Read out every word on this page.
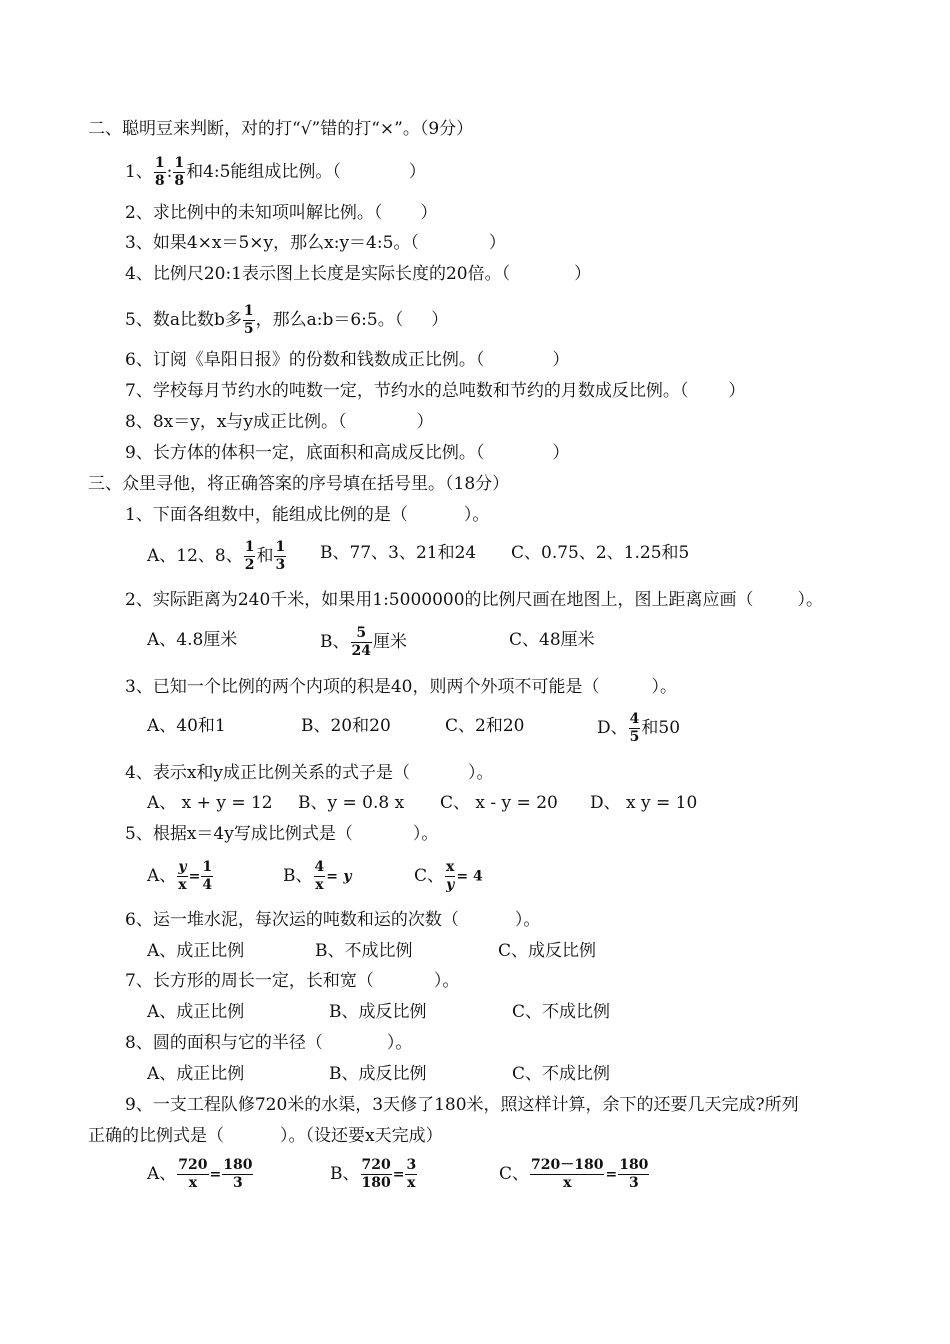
二、聪明豆来判断，对的打“√”错的打“×”。（9分）
1、 $\frac{1}{8}$ : $\frac{1}{8}$ 和4:5能组成比例。（	）
2、求比例中的未知项叫解比例。（ ）
3、如果4×x＝5×y，那么x:y＝4:5。（	）
4、比例尺20:1表示图上长度是实际长度的20倍。（	）
5、数a比数b多 $\frac{1}{5}$ ，那么a:b＝6:5。（ ）
6、订阅《阜阳日报》的份数和钱数成正比例。（	）
7、学校每月节约水的吨数一定，节约水的总吨数和节约的月数成反比例。（ ）
8、8x＝y，x与y成正比例。（	）
9、长方体的体积一定，底面积和高成反比例。（	）
三、众里寻他，将正确答案的序号填在括号里。（18分）
1、下面各组数中，能组成比例的是（	）。
A、12、8、 $\frac{1}{2}$ 和 $\frac{1}{3}$ B、77、3、21和24 C、0.75、2、1.25和5
2、实际距离为240千米，如果用1:5000000的比例尺画在地图上，图上距离应画（	）。
A、4.8厘米	B、 $\frac{5}{24}$ 厘米	C、48厘米
3、已知一个比例的两个内项的积是40，则两个外项不可能是（	）。
A、40和1	B、20和20	C、2和20	D、 $\frac{4}{5}$ 和50
4、表示x和y成正比例关系的式子是（	）。
A、 x + y = 12 B、y = 0.8 x C、 x - y = 20 D、 x y = 10
5、根据x＝4y写成比例式是（	）。
A、 $\frac{y}{x} = \frac{1}{4}$	B、 $\frac{4}{x} = y$	C、 $\frac{x}{y} = 4$
6、运一堆水泥，每次运的吨数和运的次数（	）。
A、成正比例	B、不成比例	C、成反比例
7、长方形的周长一定，长和宽（	）。
A、成正比例	B、成反比例	C、不成比例
8、圆的面积与它的半径（	）。
A、成正比例	B、成反比例	C、不成比例
9、一支工程队修720米的水渠，3天修了180米，照这样计算，余下的还要几天完成?所列
正确的比例式是（	）。（设还要x天完成）
A、 $\frac{720}{x} = \frac{180}{3}$	B、 $\frac{720}{180} = \frac{3}{x}$	C、 $\frac{720-180}{x} = \frac{180}{3}$
